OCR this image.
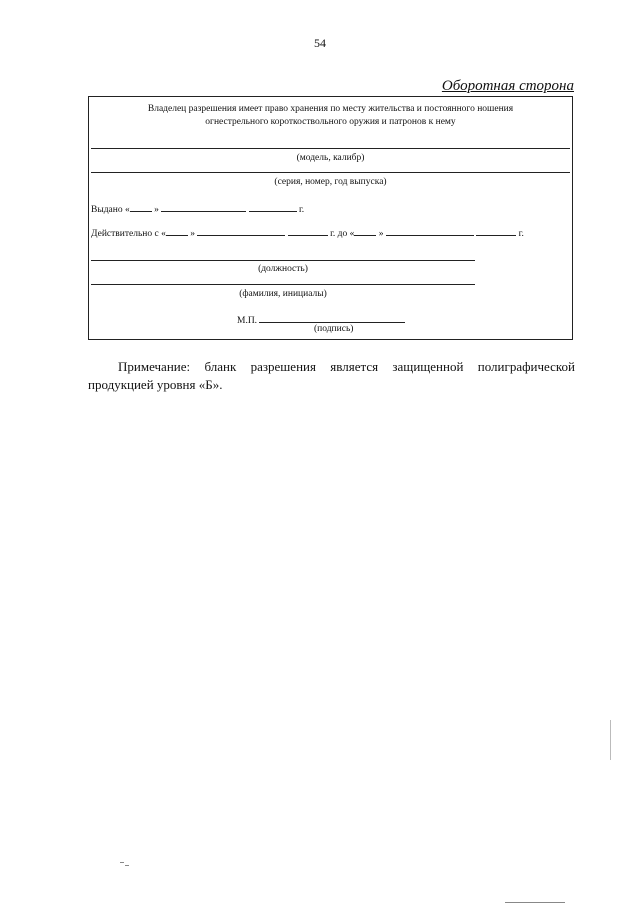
54
Оборотная сторона
Владелец разрешения имеет право хранения по месту жительства и постоянного ношения
огнестрельного короткоствольного оружия и патронов к нему
(модель, калибр)
(серия, номер, год выпуска)
Выдано «	»	г.
Действительно с «	»	г. до «	»	г.
(должность)
(фамилия, инициалы)
М.П.
(подпись)
Примечание: бланк разрешения является защищенной полиграфической
продукцией уровня «Б».
